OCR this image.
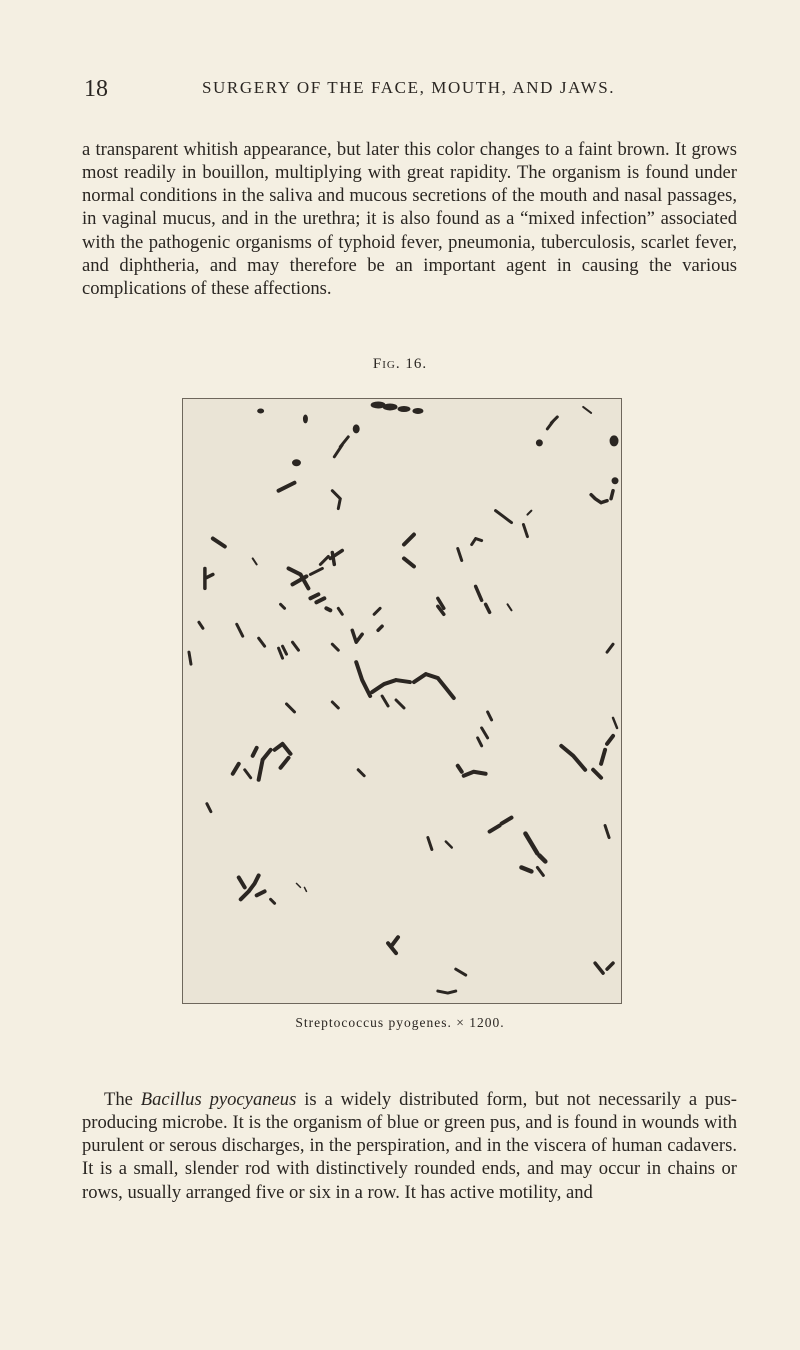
18	SURGERY OF THE FACE, MOUTH, AND JAWS.

a transparent whitish appearance, but later this color changes to a faint brown. It grows most readily in bouillon, multiplying with great rapidity. The organism is found under normal conditions in the saliva and mucous secretions of the mouth and nasal passages, in vaginal mucus, and in the urethra; it is also found as a “mixed infection” associated with the pathogenic organisms of typhoid fever, pneumonia, tuberculosis, scarlet fever, and diphtheria, and may therefore be an important agent in causing the various complications of these affections.

Fig. 16.
Streptococcus pyogenes. × 1200.

The Bacillus pyocyaneus is a widely distributed form, but not necessarily a pus-producing microbe. It is the organism of blue or green pus, and is found in wounds with purulent or serous discharges, in the perspiration, and in the viscera of human cadavers. It is a small, slender rod with distinctively rounded ends, and may occur in chains or rows, usually arranged five or six in a row. It has active motility, and
